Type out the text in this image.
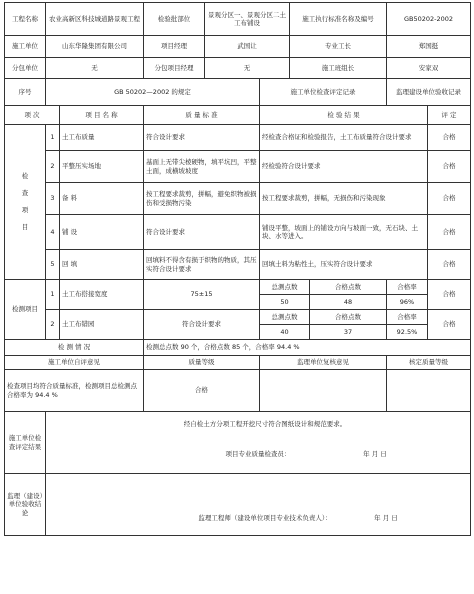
工程名称	农业高新区科技城道路景观工程		检验批部位	景观分区一、景观分区二土工布铺设		施工执行标准名称及编号		GB50202-2002	
施工单位	山东华隆集团有限公司		项目经理	武国让		专业工长		郑国挺	
分包单位	无		分包项目经理	无		施工班组长		安家双	
序号	GB 50202—2002 的规定				施工单位检查评定记录			监理建设单位验收记录	
项 次		项 目 名 称	质 量 标 准		检 验 结 果				评 定
检查项目	1	土工布质量	符合设计要求		经检查合格证和检验报告，土工布质量符合设计要求				合格
	2	平整压实场地	基面上无带尖棱硬物，填平坑凹，平整土面，成横坡坡度		经检验符合设计要求				合格
	3	备 料	按工程要求裁剪，拼幅，避免织物被损伤和受损物污染		按工程要求裁剪，拼幅，无损伤和污染现象				合格
	4	铺 设	符合设计要求		铺设平整，坡面上的铺设方向与坡面一致，无石块、土块、水等进入。				合格
	5	回 填	回填料不得含有损于织物的物质，其压实符合设计要求		回填土料为粘性土，压实符合设计要求				合格
检测项目	1	土工布搭接宽度	75±15		总测点数		合格点数	合格率	合格
					50		48	96%	
	2	土工布错园	符合设计要求		总测点数		合格点数	合格率	合格
					40		37	92.5%	
检 测 情 况			检测总点数 90 个，合格点数 85 个，合格率 94.4 %						
施工单位自评意见			质量等级		监理单位复核意见			核定质量等级	
检查项目均符合质量标准，检测项目总检测点合格率为 94.4 %			合格						
施工单位检查评定结果	经自检土方分项工程开挖尺寸符合图纸设计和规范要求。
项目专业质量检查员： 年 月 日								

监理（建设）单位验收结论	监理工程师（建设单位项目专业技术负责人）： 年 月 日								
